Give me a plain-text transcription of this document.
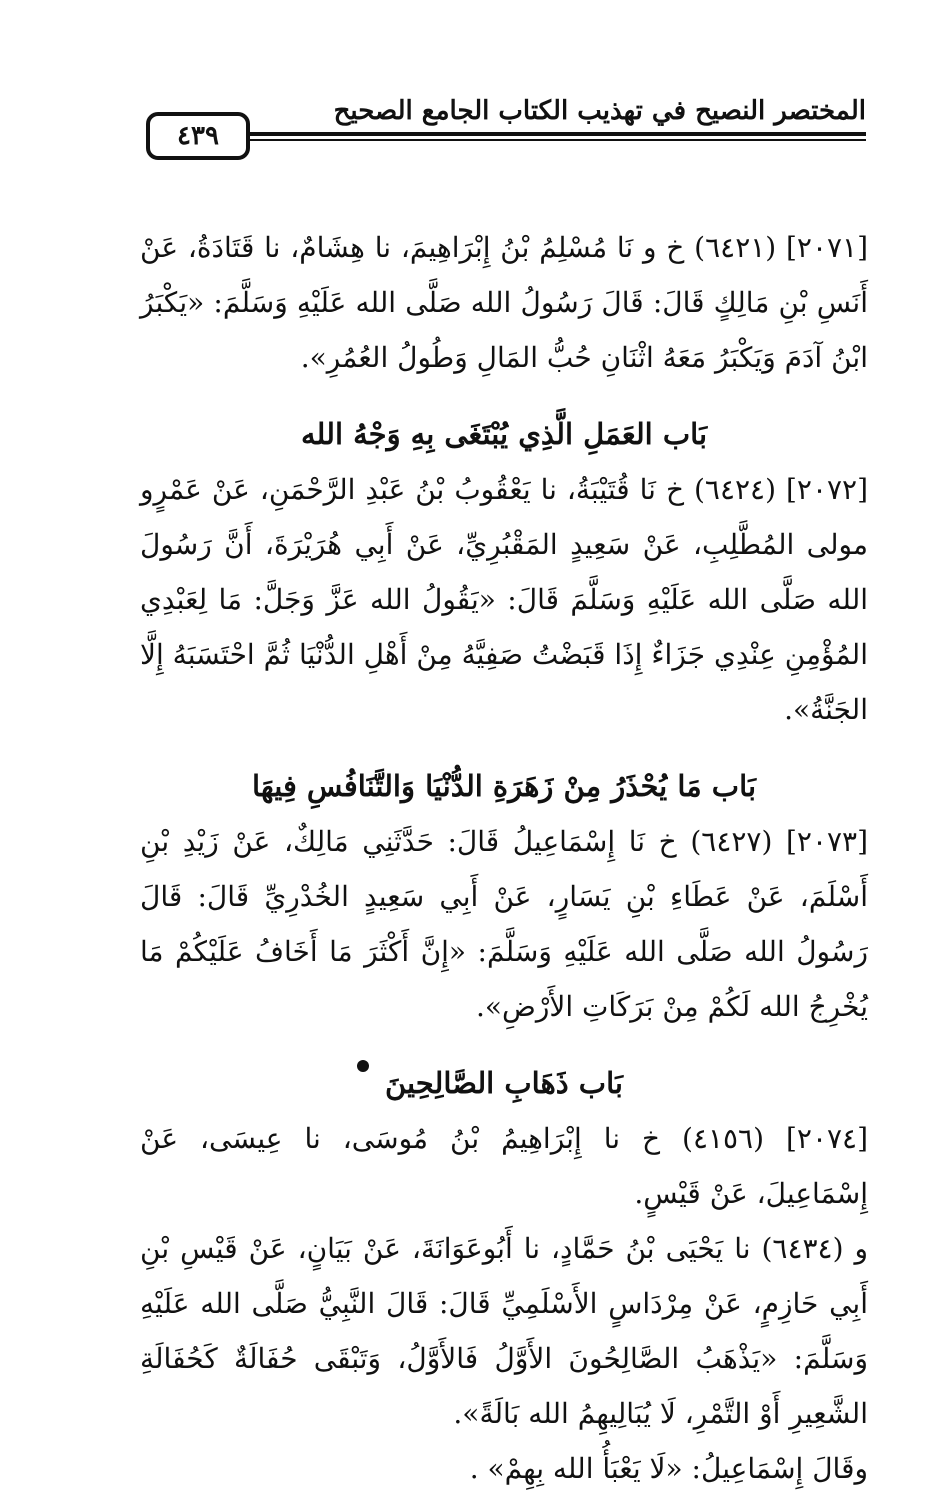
المختصر النصيح في تهذيب الكتاب الجامع الصحيح
٤٣٩

[٢٠٧١] (٦٤٢١) خ و نَا مُسْلِمُ بْنُ إِبْرَاهِيمَ، نا هِشَامٌ، نا قَتَادَةُ، عَنْ أَنَسِ بْنِ مَالِكٍ قَالَ: قَالَ رَسُولُ الله صَلَّى الله عَلَيْهِ وَسَلَّمَ: «يَكْبَرُ ابْنُ آدَمَ وَيَكْبَرُ مَعَهُ اثْنَانِ حُبُّ المَالِ وَطُولُ العُمُرِ».

بَاب العَمَلِ الَّذِي يُبْتَغَى بِهِ وَجْهُ الله

[٢٠٧٢] (٦٤٢٤) خ نَا قُتَيْبَةُ، نا يَعْقُوبُ بْنُ عَبْدِ الرَّحْمَنِ، عَنْ عَمْرٍو مولى المُطَّلِبِ، عَنْ سَعِيدٍ المَقْبُرِيِّ، عَنْ أَبِي هُرَيْرَةَ، أَنَّ رَسُولَ الله صَلَّى الله عَلَيْهِ وَسَلَّمَ قَالَ: «يَقُولُ الله عَزَّ وَجَلَّ: مَا لِعَبْدِي المُؤْمِنِ عِنْدِي جَزَاءٌ إِذَا قَبَضْتُ صَفِيَّهُ مِنْ أَهْلِ الدُّنْيَا ثُمَّ احْتَسَبَهُ إِلَّا الجَنَّةُ».

بَاب مَا يُحْذَرُ مِنْ زَهَرَةِ الدُّنْيَا وَالتَّنَافُسِ فِيهَا

[٢٠٧٣] (٦٤٢٧) خ نَا إِسْمَاعِيلُ قَالَ: حَدَّثَنِي مَالِكٌ، عَنْ زَيْدِ بْنِ أَسْلَمَ، عَنْ عَطَاءِ بْنِ يَسَارٍ، عَنْ أَبِي سَعِيدٍ الخُدْرِيِّ قَالَ: قَالَ رَسُولُ الله صَلَّى الله عَلَيْهِ وَسَلَّمَ: «إِنَّ أَكْثَرَ مَا أَخَافُ عَلَيْكُمْ مَا يُخْرِجُ الله لَكُمْ مِنْ بَرَكَاتِ الأَرْضِ».

بَاب ذَهَابِ الصَّالِحِينَ

[٢٠٧٤] (٤١٥٦) خ نا إِبْرَاهِيمُ بْنُ مُوسَى، نا عِيسَى، عَنْ إِسْمَاعِيلَ، عَنْ قَيْسٍ.

و (٦٤٣٤) نا يَحْيَى بْنُ حَمَّادٍ، نا أَبُوعَوَانَةَ، عَنْ بَيَانٍ، عَنْ قَيْسِ بْنِ أَبِي حَازِمٍ، عَنْ مِرْدَاسٍ الأَسْلَمِيِّ قَالَ: قَالَ النَّبِيُّ صَلَّى الله عَلَيْهِ وَسَلَّمَ: «يَذْهَبُ الصَّالِحُونَ الأَوَّلُ فَالأَوَّلُ، وَتَبْقَى حُفَالَةٌ كَحُفَالَةِ الشَّعِيرِ أَوْ التَّمْرِ، لَا يُبَالِيهِمُ الله بَالَةً».

وقَالَ إِسْمَاعِيلُ: «لَا يَعْبَأُ الله بِهِمْ» .
